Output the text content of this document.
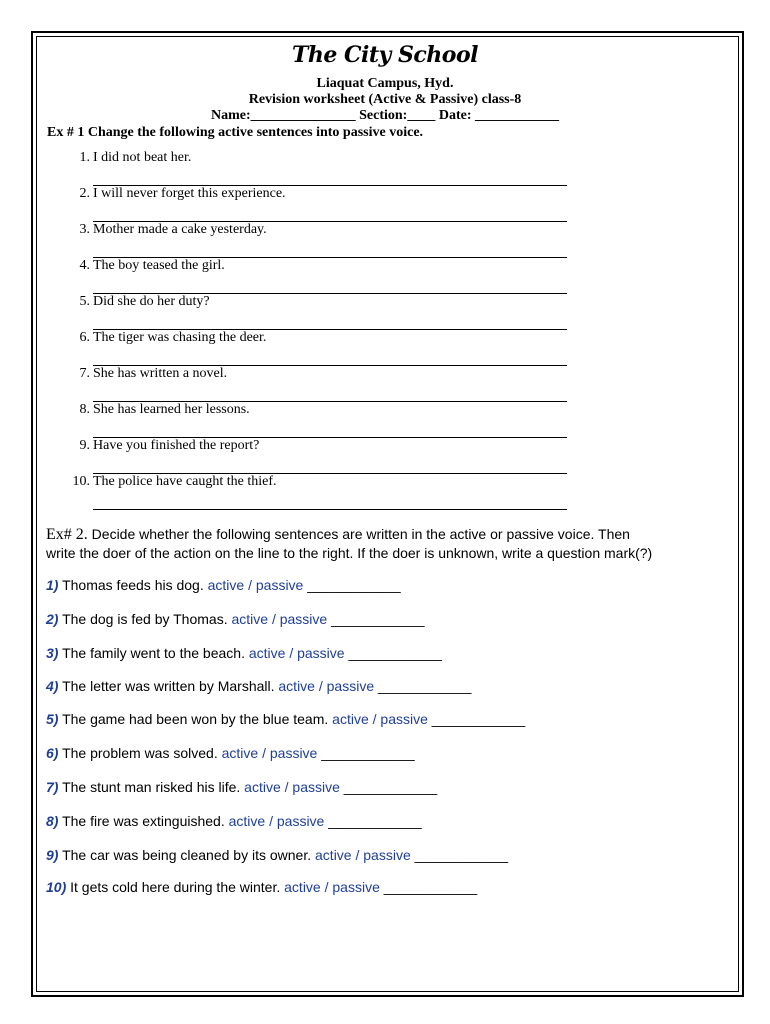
The City School
Liaquat Campus, Hyd.
Revision worksheet (Active & Passive) class-8
Name:_______________ Section:____ Date: ____________
Ex # 1 Change the following active sentences into passive voice.
1. I did not beat her.
2. I will never forget this experience.
3. Mother made a cake yesterday.
4. The boy teased the girl.
5. Did she do her duty?
6. The tiger was chasing the deer.
7. She has written a novel.
8. She has learned her lessons.
9. Have you finished the report?
10. The police have caught the thief.
Ex# 2. Decide whether the following sentences are written in the active or passive voice. Then
write the doer of the action on the line to the right. If the doer is unknown, write a question mark(?)
1) Thomas feeds his dog. active / passive ____________
2) The dog is fed by Thomas. active / passive ____________
3) The family went to the beach. active / passive ____________
4) The letter was written by Marshall. active / passive ____________
5) The game had been won by the blue team. active / passive ____________
6) The problem was solved. active / passive ____________
7) The stunt man risked his life. active / passive ____________
8) The fire was extinguished. active / passive ____________
9) The car was being cleaned by its owner. active / passive ____________
10) It gets cold here during the winter. active / passive ____________
